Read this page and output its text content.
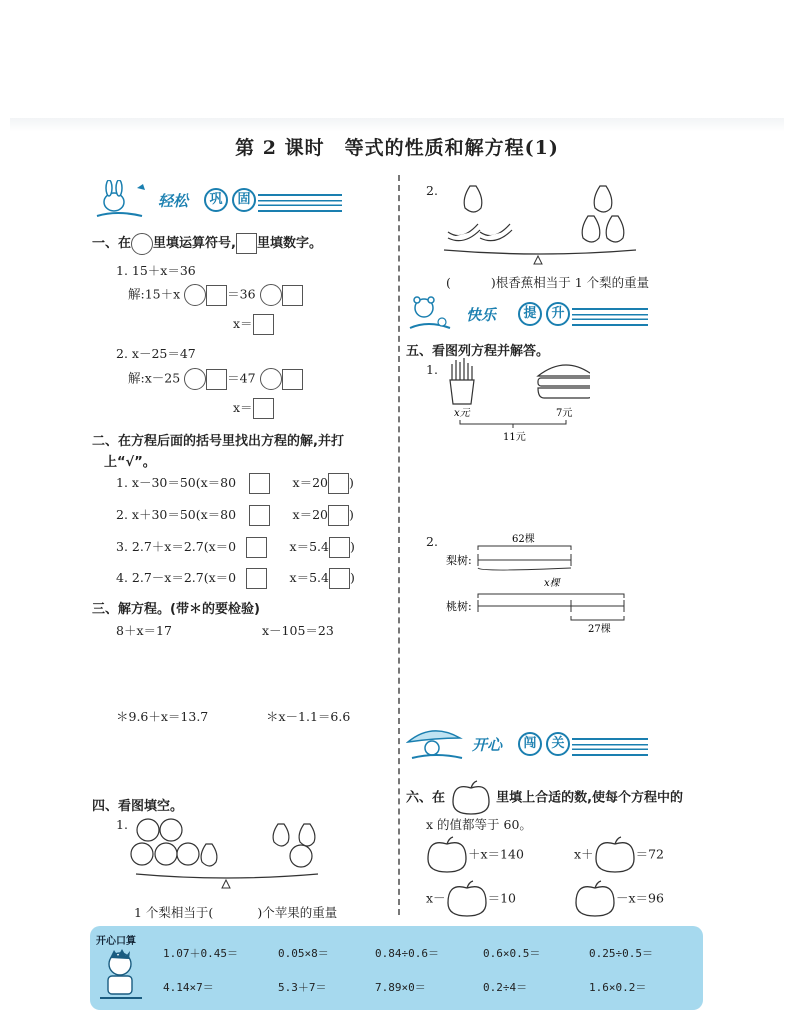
第 2 课时　等式的性质和解方程(1)
轻松	巩	固
一、在 里填运算符号, 里填数字。
1. 15＋x＝36
解:15＋x	＝36
x＝
2. x－25＝47
解:x－25	＝47
x＝
二、在方程后面的括号里找出方程的解,并打
上“√”。
1. x－30＝50(x＝80	x＝20 )
2. x＋30＝50(x＝80	x＝20 )
3. 2.7＋x＝2.7(x＝0	x＝5.4 )
4. 2.7－x＝2.7(x＝0	x＝5.4 )
三、解方程。(带＊的要检验)
8＋x＝17	x－105＝23
＊9.6＋x＝13.7	＊x－1.1＝6.6
四、看图填空。
1.
1 个梨相当于(	)个苹果的重量
2.
(	)根香蕉相当于 1 个梨的重量
快乐	提	升
五、看图列方程并解答。
1.
x元	7元
11元
2.	62棵
梨树:
x棵
桃树:
27棵
开心	闯	关
六、在	里填上合适的数,使每个方程中的
x 的值都等于 60。
＋x＝140	x＋	＝72
x－	＝10	－x＝96
开心口算
1.07＋0.45＝	0.05×8＝	0.84÷0.6＝	0.6×0.5＝	0.25÷0.5＝
4.14×7＝	5.3＋7＝	7.89×0＝	0.2÷4＝	1.6×0.2＝
